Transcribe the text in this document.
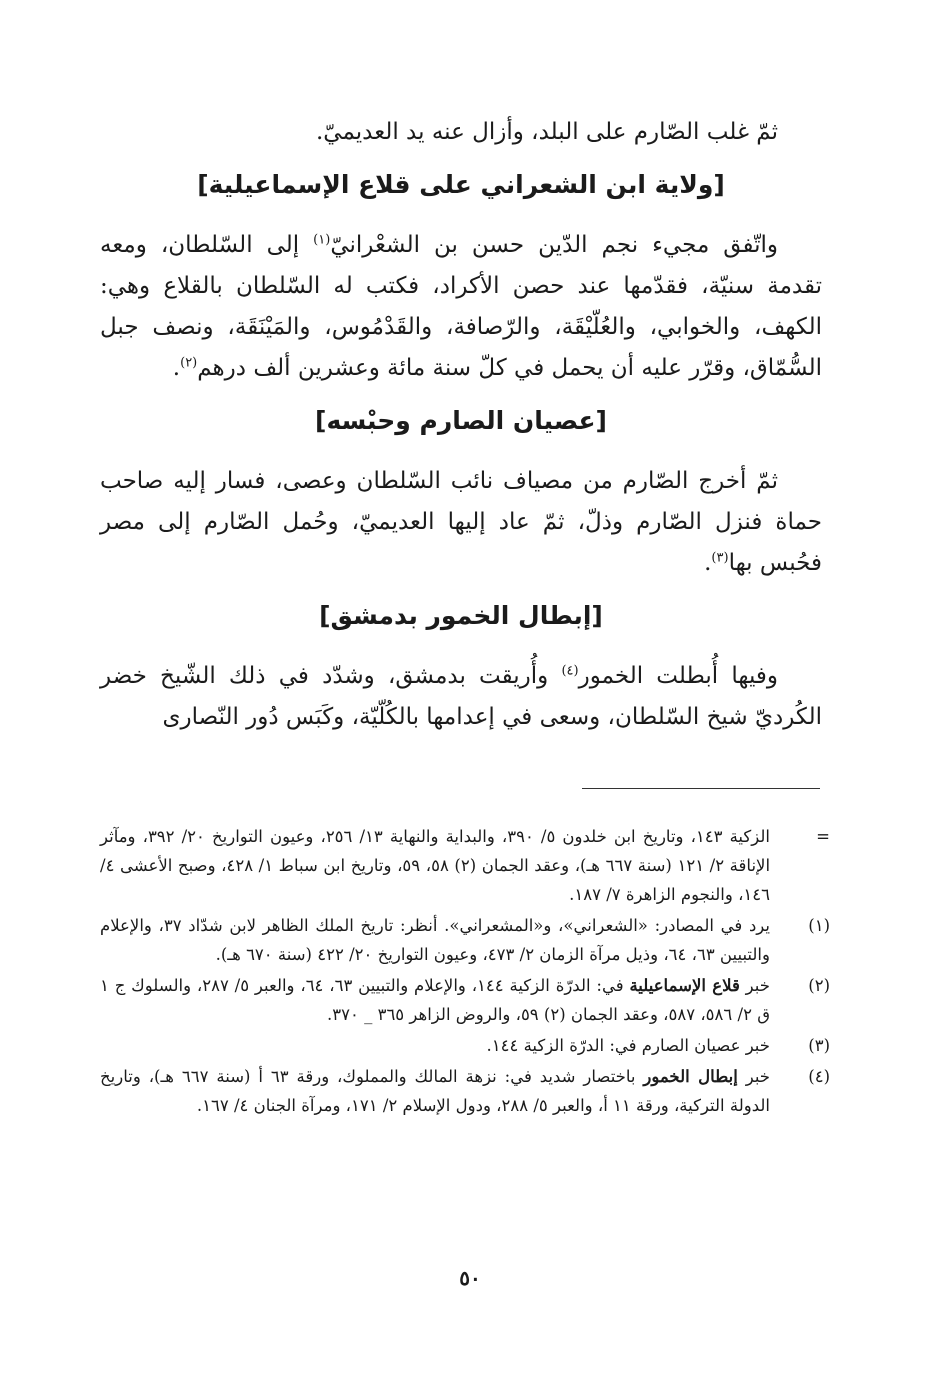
ثمّ غلب الصّارم على البلد، وأزال عنه يد العديميّ.

[ولاية ابن الشعراني على قلاع الإسماعيلية]

واتّفق مجيء نجم الدّين حسن بن الشعْرانيّ$^{(١)}$ إلى السّلطان، ومعه تقدمة سنيّة، فقدّمها عند حصن الأكراد، فكتب له السّلطان بالقلاع وهي: الكهف، والخوابي، والعُلّيْقَة، والرّصافة، والقَدْمُوس، والمَيْنَقَة، ونصف جبل السُّمّاق، وقرّر عليه أن يحمل في كلّ سنة مائة وعشرين ألف درهم$^{(٢)}$.

[عصيان الصارم وحبْسه]

ثمّ أخرج الصّارم من مصياف نائب السّلطان وعصى، فسار إليه صاحب حماة فنزل الصّارم وذلّ، ثمّ عاد إليها العديميّ، وحُمل الصّارم إلى مصر فحُبس بها$^{(٣)}$.

[إبطال الخمور بدمشق]

وفيها أُبطلت الخمور$^{(٤)}$ وأُريقت بدمشق، وشدّد في ذلك الشّيخ خضر الكُرديّ شيخ السّلطان، وسعى في إعدامها بالكُلّيّة، وكَبَس دُور النّصارى

=
الزكية ١٤٣، وتاريخ ابن خلدون ٥/ ٣٩٠، والبداية والنهاية ١٣/ ٢٥٦، وعيون التواريخ ٢٠/ ٣٩٢، ومآثر الإناقة ٢/ ١٢١ (سنة ٦٦٧ هـ)، وعقد الجمان (٢) ٥٨، ٥٩، وتاريخ ابن سباط ١/ ٤٢٨، وصبح الأعشى ٤/ ١٤٦، والنجوم الزاهرة ٧/ ١٨٧.
(١)
يرد في المصادر: «الشعراني»، و«المشعراني». أنظر: تاريخ الملك الظاهر لابن شدّاد ٣٧، والإعلام والتبيين ٦٣، ٦٤، وذيل مرآة الزمان ٢/ ٤٧٣، وعيون التواريخ ٢٠/ ٤٢٢ (سنة ٦٧٠ هـ).
(٢)
خبر قلاع الإسماعيلية في: الدرّة الزكية ١٤٤، والإعلام والتبيين ٦٣، ٦٤، والعبر ٥/ ٢٨٧، والسلوك ج ١ ق ٢/ ٥٨٦، ٥٨٧، وعقد الجمان (٢) ٥٩، والروض الزاهر ٣٦٥ _ ٣٧٠.
(٣)
خبر عصيان الصارم في: الدرّة الزكية ١٤٤.
(٤)
خبر إبطال الخمور باختصار شديد في: نزهة المالك والمملوك، ورقة ٦٣ أ (سنة ٦٦٧ هـ)، وتاريخ الدولة التركية، ورقة ١١ أ، والعبر ٥/ ٢٨٨، ودول الإسلام ٢/ ١٧١، ومرآة الجنان ٤/ ١٦٧.
٥٠
